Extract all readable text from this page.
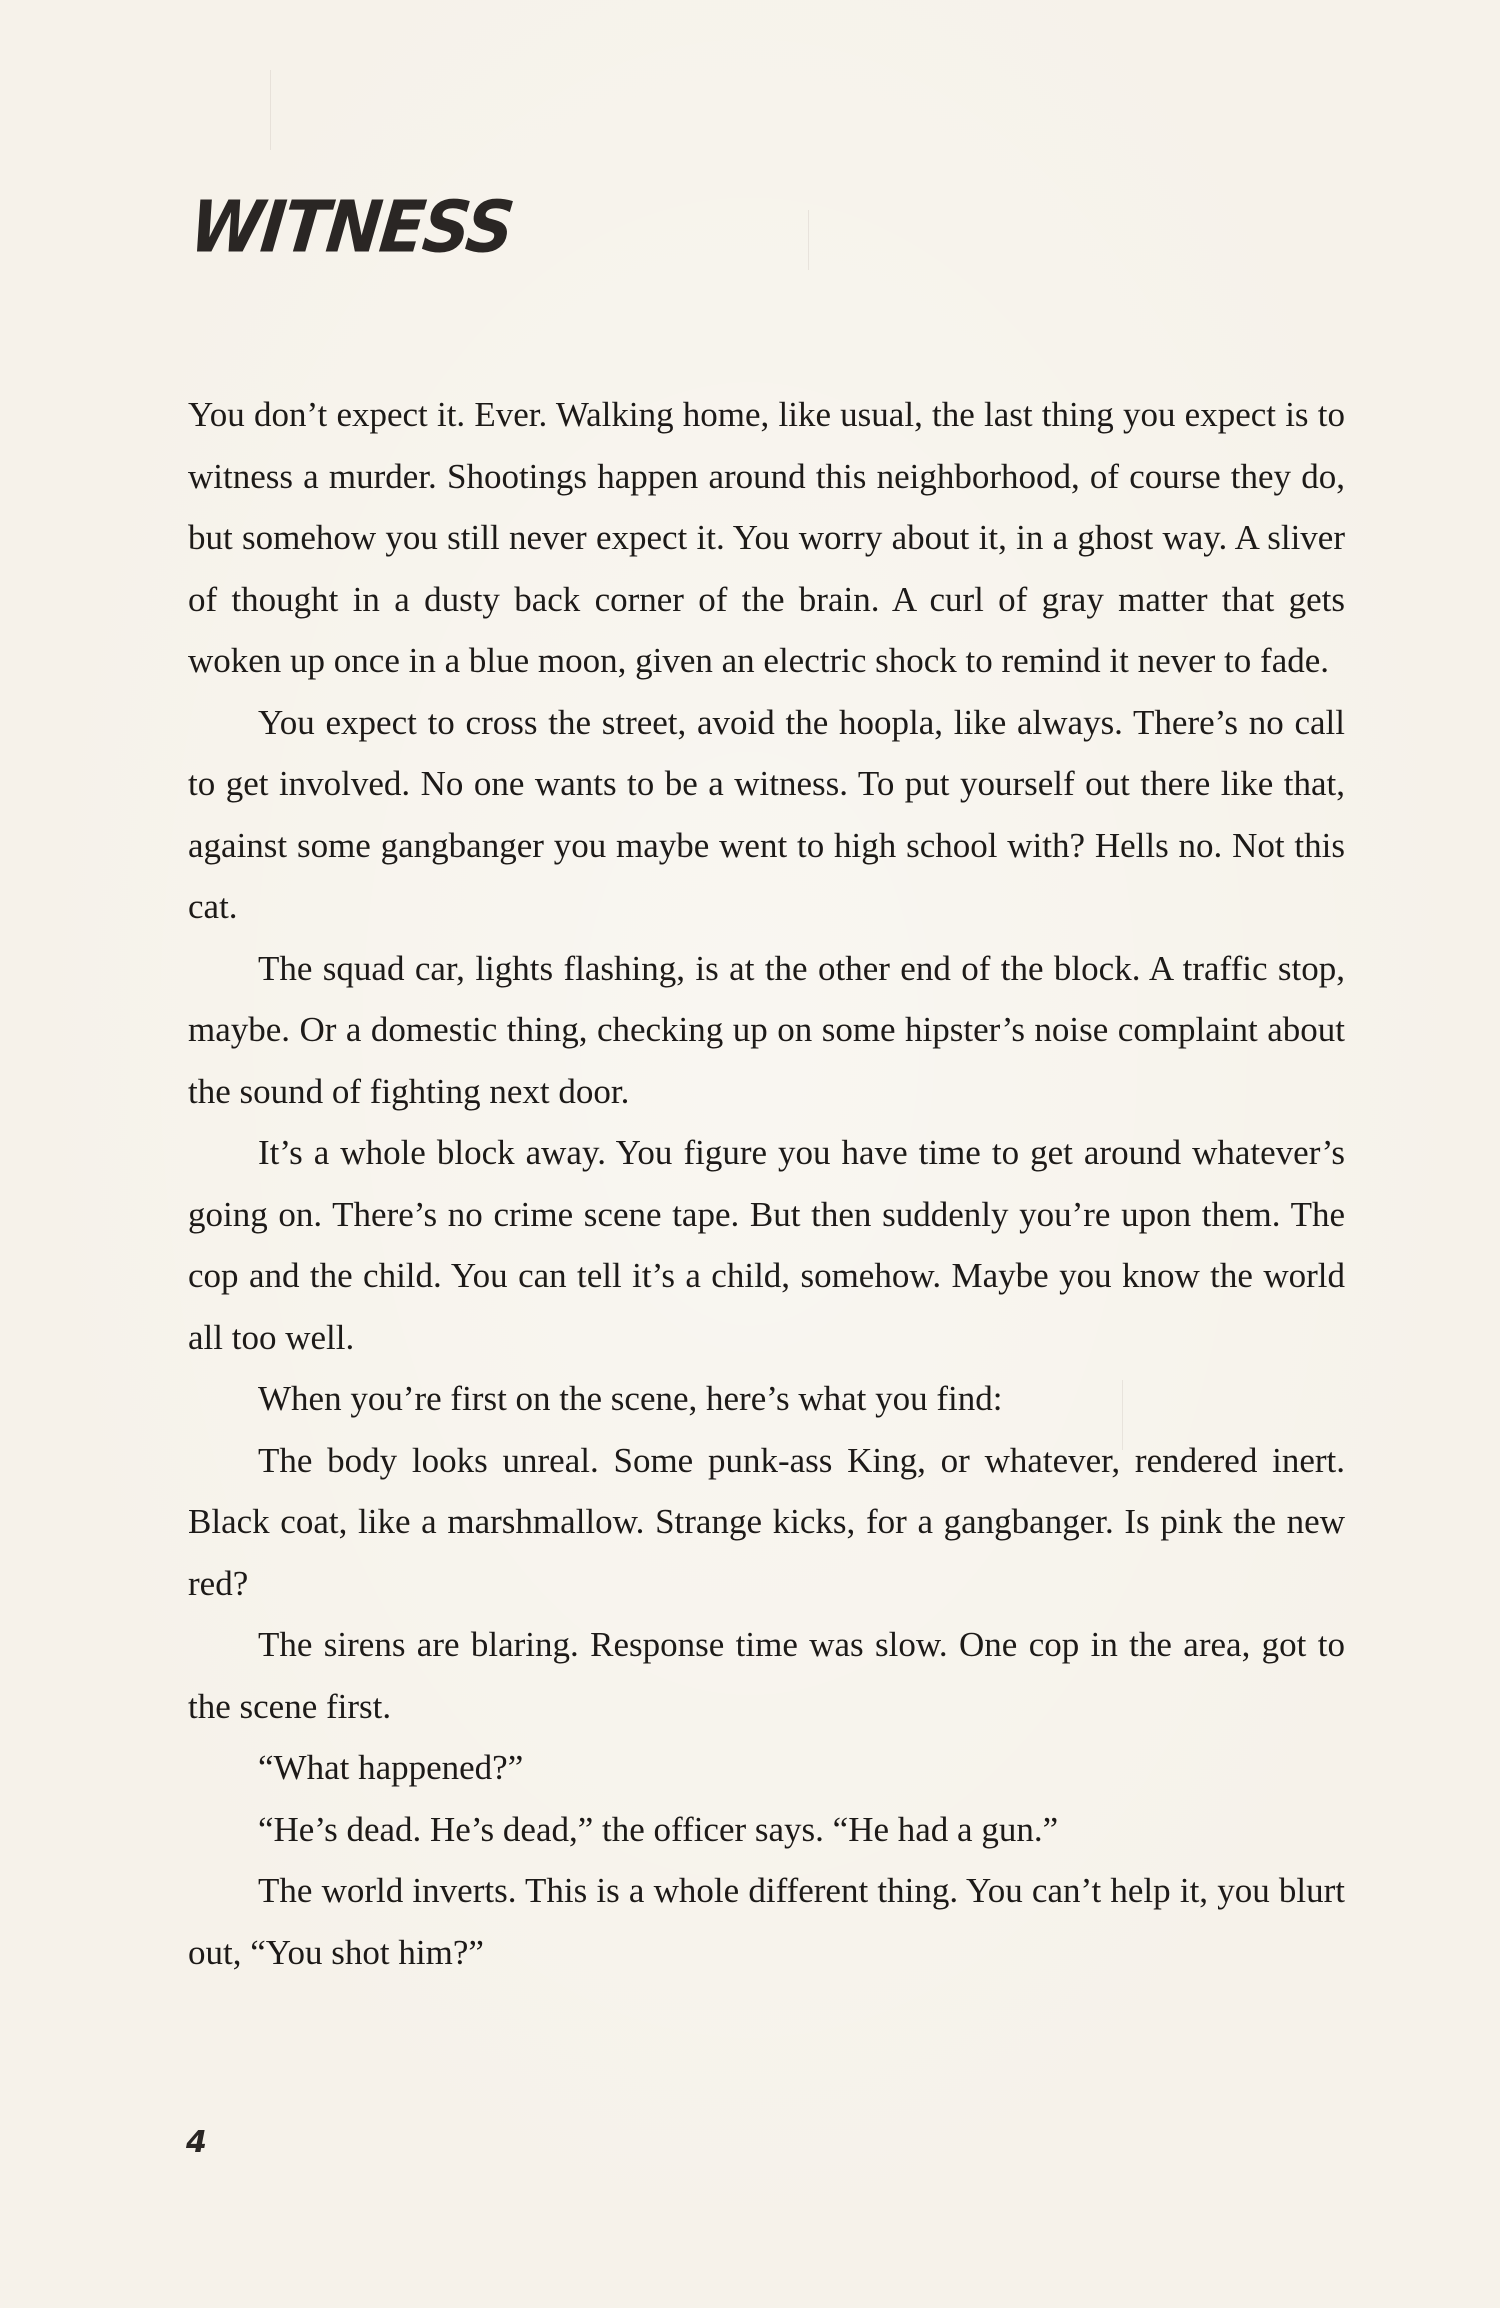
WITNESS

You don’t expect it. Ever. Walking home, like usual, the last thing you expect is to witness a murder. Shootings happen around this neighborhood, of course they do, but somehow you still never expect it. You worry about it, in a ghost way. A sliver of thought in a dusty back corner of the brain. A curl of gray matter that gets woken up once in a blue moon, given an electric shock to remind it never to fade.

You expect to cross the street, avoid the hoopla, like always. There’s no call to get involved. No one wants to be a witness. To put yourself out there like that, against some gangbanger you maybe went to high school with? Hells no. Not this cat.

The squad car, lights flashing, is at the other end of the block. A traffic stop, maybe. Or a domestic thing, checking up on some hipster’s noise complaint about the sound of fighting next door.

It’s a whole block away. You figure you have time to get around whatever’s going on. There’s no crime scene tape. But then suddenly you’re upon them. The cop and the child. You can tell it’s a child, somehow. Maybe you know the world all too well.

When you’re first on the scene, here’s what you find:

The body looks unreal. Some punk-ass King, or whatever, rendered inert. Black coat, like a marshmallow. Strange kicks, for a gangbanger. Is pink the new red?

The sirens are blaring. Response time was slow. One cop in the area, got to the scene first.

“What happened?”

“He’s dead. He’s dead,” the officer says. “He had a gun.”

The world inverts. This is a whole different thing. You can’t help it, you blurt out, “You shot him?”

4
